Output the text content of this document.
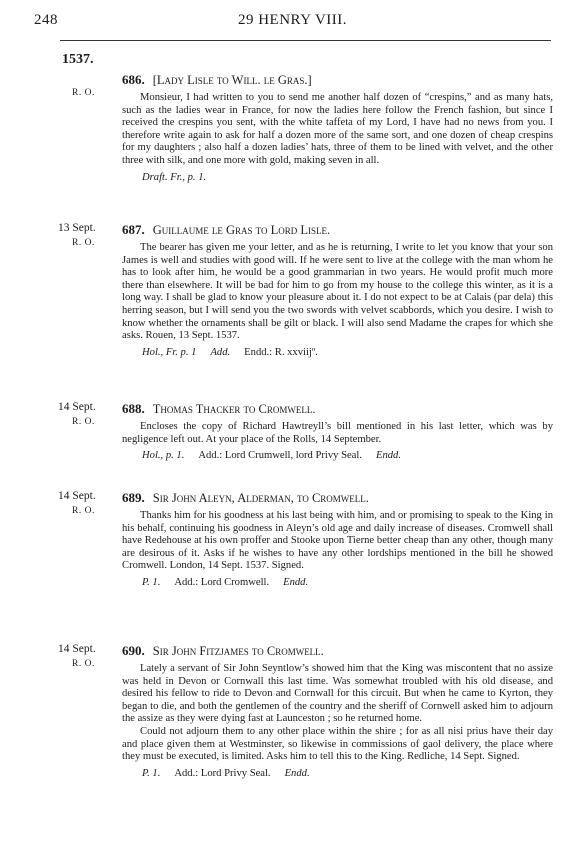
​
248	29 HENRY VIII.
1537.
R. O.
686. [Lady Lisle to Will. le Gras.]
Monsieur, I had written to you to send me another half dozen of “crespins,” and as many hats, such as the ladies wear in France, for now the ladies here follow the French fashion, but since I received the crespins you sent, with the white taffeta of my Lord, I have had no news from you. I therefore write again to ask for half a dozen more of the same sort, and one dozen of cheap crespins for my daughters ; also half a dozen ladies’ hats, three of them to be lined with velvet, and the other three with silk, and one more with gold, making seven in all.
Draft. Fr., p. 1.
13 Sept.
R. O.
687. Guillaume le Gras to Lord Lisle.
The bearer has given me your letter, and as he is returning, I write to let you know that your son James is well and studies with good will. If he were sent to live at the college with the man whom he has to look after him, he would be a good grammarian in two years. He would profit much more there than elsewhere. It will be bad for him to go from my house to the college this winter, as it is a long way. I shall be glad to know your pleasure about it. I do not expect to be at Calais (par dela) this herring season, but I will send you the two swords with velvet scabbords, which you desire. I wish to know whether the ornaments shall be gilt or black. I will also send Madame the crapes for which she asks. Rouen, 13 Sept. 1537.
Hol., Fr. p. 1 Add. Endd.: R. xxviijº.
14 Sept.
R. O.
688. Thomas Thacker to Cromwell.
Encloses the copy of Richard Hawtreyll’s bill mentioned in his last letter, which was by negligence left out. At your place of the Rolls, 14 September.
Hol., p. 1. Add.: Lord Crumwell, lord Privy Seal. Endd.
14 Sept.
R. O.
689. Sir John Aleyn, Alderman, to Cromwell.
Thanks him for his goodness at his last being with him, and or promising to speak to the King in his behalf, continuing his goodness in Aleyn’s old age and daily increase of diseases. Cromwell shall have Redehouse at his own proffer and Stooke upon Tierne better cheap than any other, though many are desirous of it. Asks if he wishes to have any other lordships mentioned in the bill he showed Cromwell. London, 14 Sept. 1537. Signed.
P. 1. Add.: Lord Cromwell. Endd.
14 Sept.
R. O.
690. Sir John Fitzjames to Cromwell.
Lately a servant of Sir John Seyntlow’s showed him that the King was miscontent that no assize was held in Devon or Cornwall this last time. Was somewhat troubled with his old disease, and desired his fellow to ride to Devon and Cornwall for this circuit. But when he came to Kyrton, they began to die, and both the gentlemen of the country and the sheriff of Cornwell asked him to adjourn the assize as they were dying fast at Launceston ; so he returned home.
Could not adjourn them to any other place within the shire ; for as all nisi prius have their day and place given them at Westminster, so likewise in commissions of gaol delivery, the place where they must be executed, is limited. Asks him to tell this to the King. Redliche, 14 Sept. Signed.
P. 1. Add.: Lord Privy Seal. Endd.
